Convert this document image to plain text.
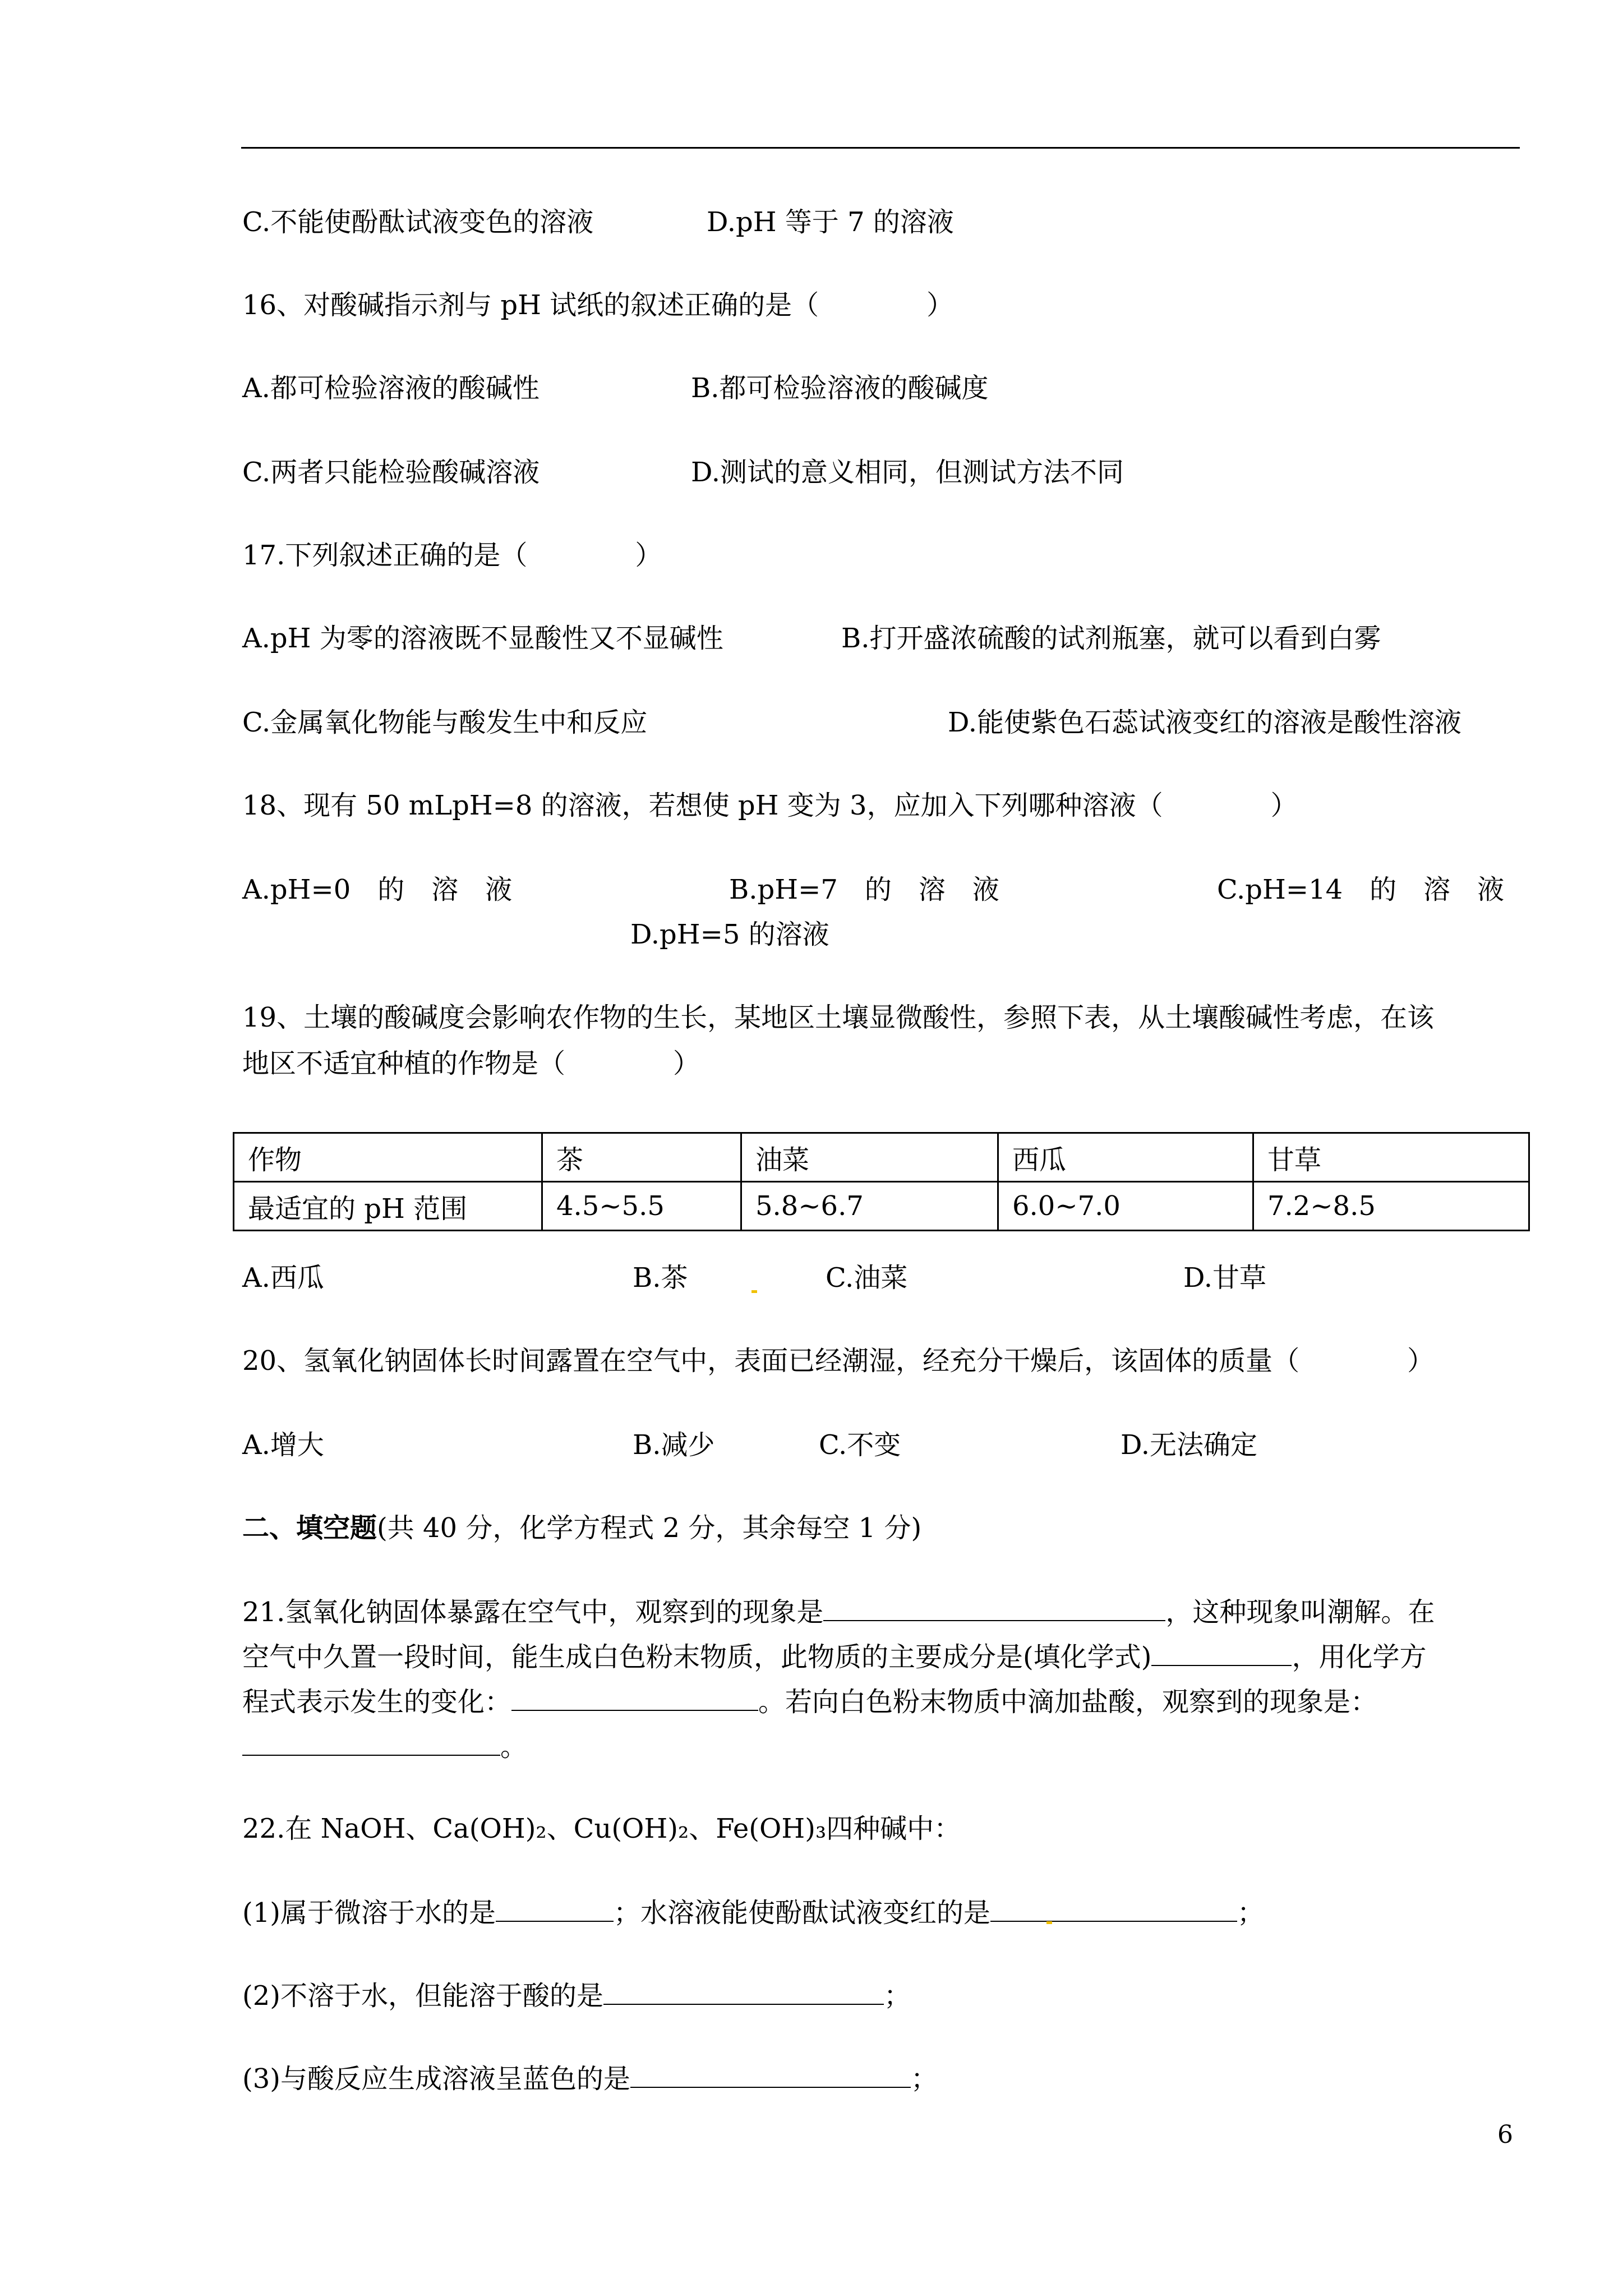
C.不能使酚酞试液变色的溶液	D.pH 等于 7 的溶液
16、对酸碱指示剂与 pH 试纸的叙述正确的是（　　　　）
A.都可检验溶液的酸碱性	B.都可检验溶液的酸碱度
C.两者只能检验酸碱溶液	D.测试的意义相同，但测试方法不同
17.下列叙述正确的是（　　　　）
A.pH 为零的溶液既不显酸性又不显碱性	B.打开盛浓硫酸的试剂瓶塞，就可以看到白雾
C.金属氧化物能与酸发生中和反应	D.能使紫色石蕊试液变红的溶液是酸性溶液
18、现有 50 mLpH=8 的溶液，若想使 pH 变为 3，应加入下列哪种溶液（　　　　）
A.pH=0　的　溶　液	B.pH=7　的　溶　液	C.pH=14　的　溶　液
D.pH=5 的溶液
19、土壤的酸碱度会影响农作物的生长，某地区土壤显微酸性，参照下表，从土壤酸碱性考虑，在该
地区不适宜种植的作物是（　　　　）
作物	茶	油菜	西瓜	甘草
最适宜的 pH 范围	4.5~5.5	5.8~6.7	6.0~7.0	7.2~8.5
A.西瓜	B.茶	C.油菜	D.甘草
20、氢氧化钠固体长时间露置在空气中，表面已经潮湿，经充分干燥后，该固体的质量（　　　　）
A.增大	B.减少	C.不变	D.无法确定
二、填空题(共 40 分，化学方程式 2 分，其余每空 1 分)
21.氢氧化钠固体暴露在空气中，观察到的现象是	，这种现象叫潮解。在
空气中久置一段时间，能生成白色粉末物质，此物质的主要成分是(填化学式)	，用化学方
程式表示发生的变化：	。若向白色粉末物质中滴加盐酸，观察到的现象是：
。
22.在 NaOH、Ca(OH)₂、Cu(OH)₂、Fe(OH)₃四种碱中：
(1)属于微溶于水的是	；水溶液能使酚酞试液变红的是	；
(2)不溶于水，但能溶于酸的是	；
(3)与酸反应生成溶液呈蓝色的是	；
6
